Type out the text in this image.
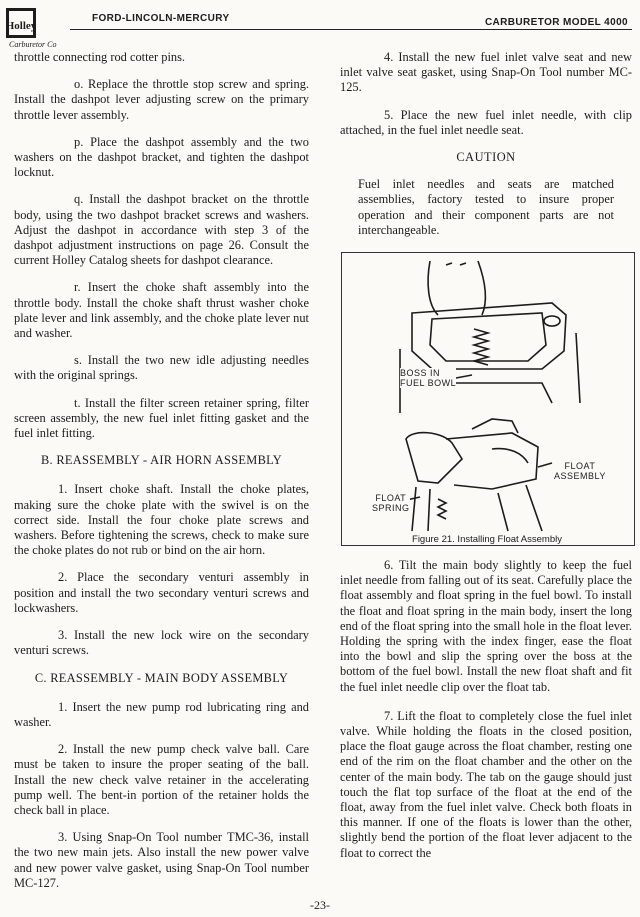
Holley
Carburetor Co
FORD-LINCOLN-MERCURY	CARBURETOR MODEL 4000

throttle connecting rod cotter pins.

o. Replace the throttle stop screw and spring. Install the dashpot lever adjusting screw on the primary throttle lever assembly.

p. Place the dashpot assembly and the two washers on the dashpot bracket, and tighten the dashpot locknut.

q. Install the dashpot bracket on the throttle body, using the two dashpot bracket screws and washers. Adjust the dashpot in accordance with step 3 of the dashpot adjustment instructions on page 26. Consult the current Holley Catalog sheets for dashpot clearance.

r. Insert the choke shaft assembly into the throttle body. Install the choke shaft thrust washer choke plate lever and link assembly, and the choke plate lever nut and washer.

s. Install the two new idle adjusting needles with the original springs.

t. Install the filter screen retainer spring, filter screen assembly, the new fuel inlet fitting gasket and the fuel inlet fitting.

B. REASSEMBLY - AIR HORN ASSEMBLY

1. Insert choke shaft. Install the choke plates, making sure the choke plate with the swivel is on the correct side. Install the four choke plate screws and washers. Before tightening the screws, check to make sure the choke plates do not rub or bind on the air horn.

2. Place the secondary venturi assembly in position and install the two secondary venturi screws and lockwashers.

3. Install the new lock wire on the secondary venturi screws.

C. REASSEMBLY - MAIN BODY ASSEMBLY

1. Insert the new pump rod lubricating ring and washer.

2. Install the new pump check valve ball. Care must be taken to insure the proper seating of the ball. Install the new check valve retainer in the accelerating pump well. The bent-in portion of the retainer holds the check ball in place.

3. Using Snap-On Tool number TMC-36, install the two new main jets. Also install the new power valve and new power valve gasket, using Snap-On Tool number MC-127.

4. Install the new fuel inlet valve seat and new inlet valve seat gasket, using Snap-On Tool number MC-125.

5. Place the new fuel inlet needle, with clip attached, in the fuel inlet needle seat.

CAUTION

Fuel inlet needles and seats are matched assemblies, factory tested to insure proper operation and their component parts are not interchangeable.

BOSS IN
FUEL BOWL
FLOAT
ASSEMBLY
FLOAT
SPRING
Figure 21. Installing Float Assembly

6. Tilt the main body slightly to keep the fuel inlet needle from falling out of its seat. Carefully place the float assembly and float spring in the fuel bowl. To install the float and float spring in the main body, insert the long end of the float spring into the small hole in the float lever. Holding the spring with the index finger, ease the float into the bowl and slip the spring over the boss at the bottom of the fuel bowl. Install the new float shaft and fit the fuel inlet needle clip over the float tab.

7. Lift the float to completely close the fuel inlet valve. While holding the floats in the closed position, place the float gauge across the float chamber, resting one end of the rim on the float chamber and the other on the center of the main body. The tab on the gauge should just touch the flat top surface of the float at the end of the float, away from the fuel inlet valve. Check both floats in this manner. If one of the floats is lower than the other, slightly bend the portion of the float lever adjacent to the float to correct the

-23-
